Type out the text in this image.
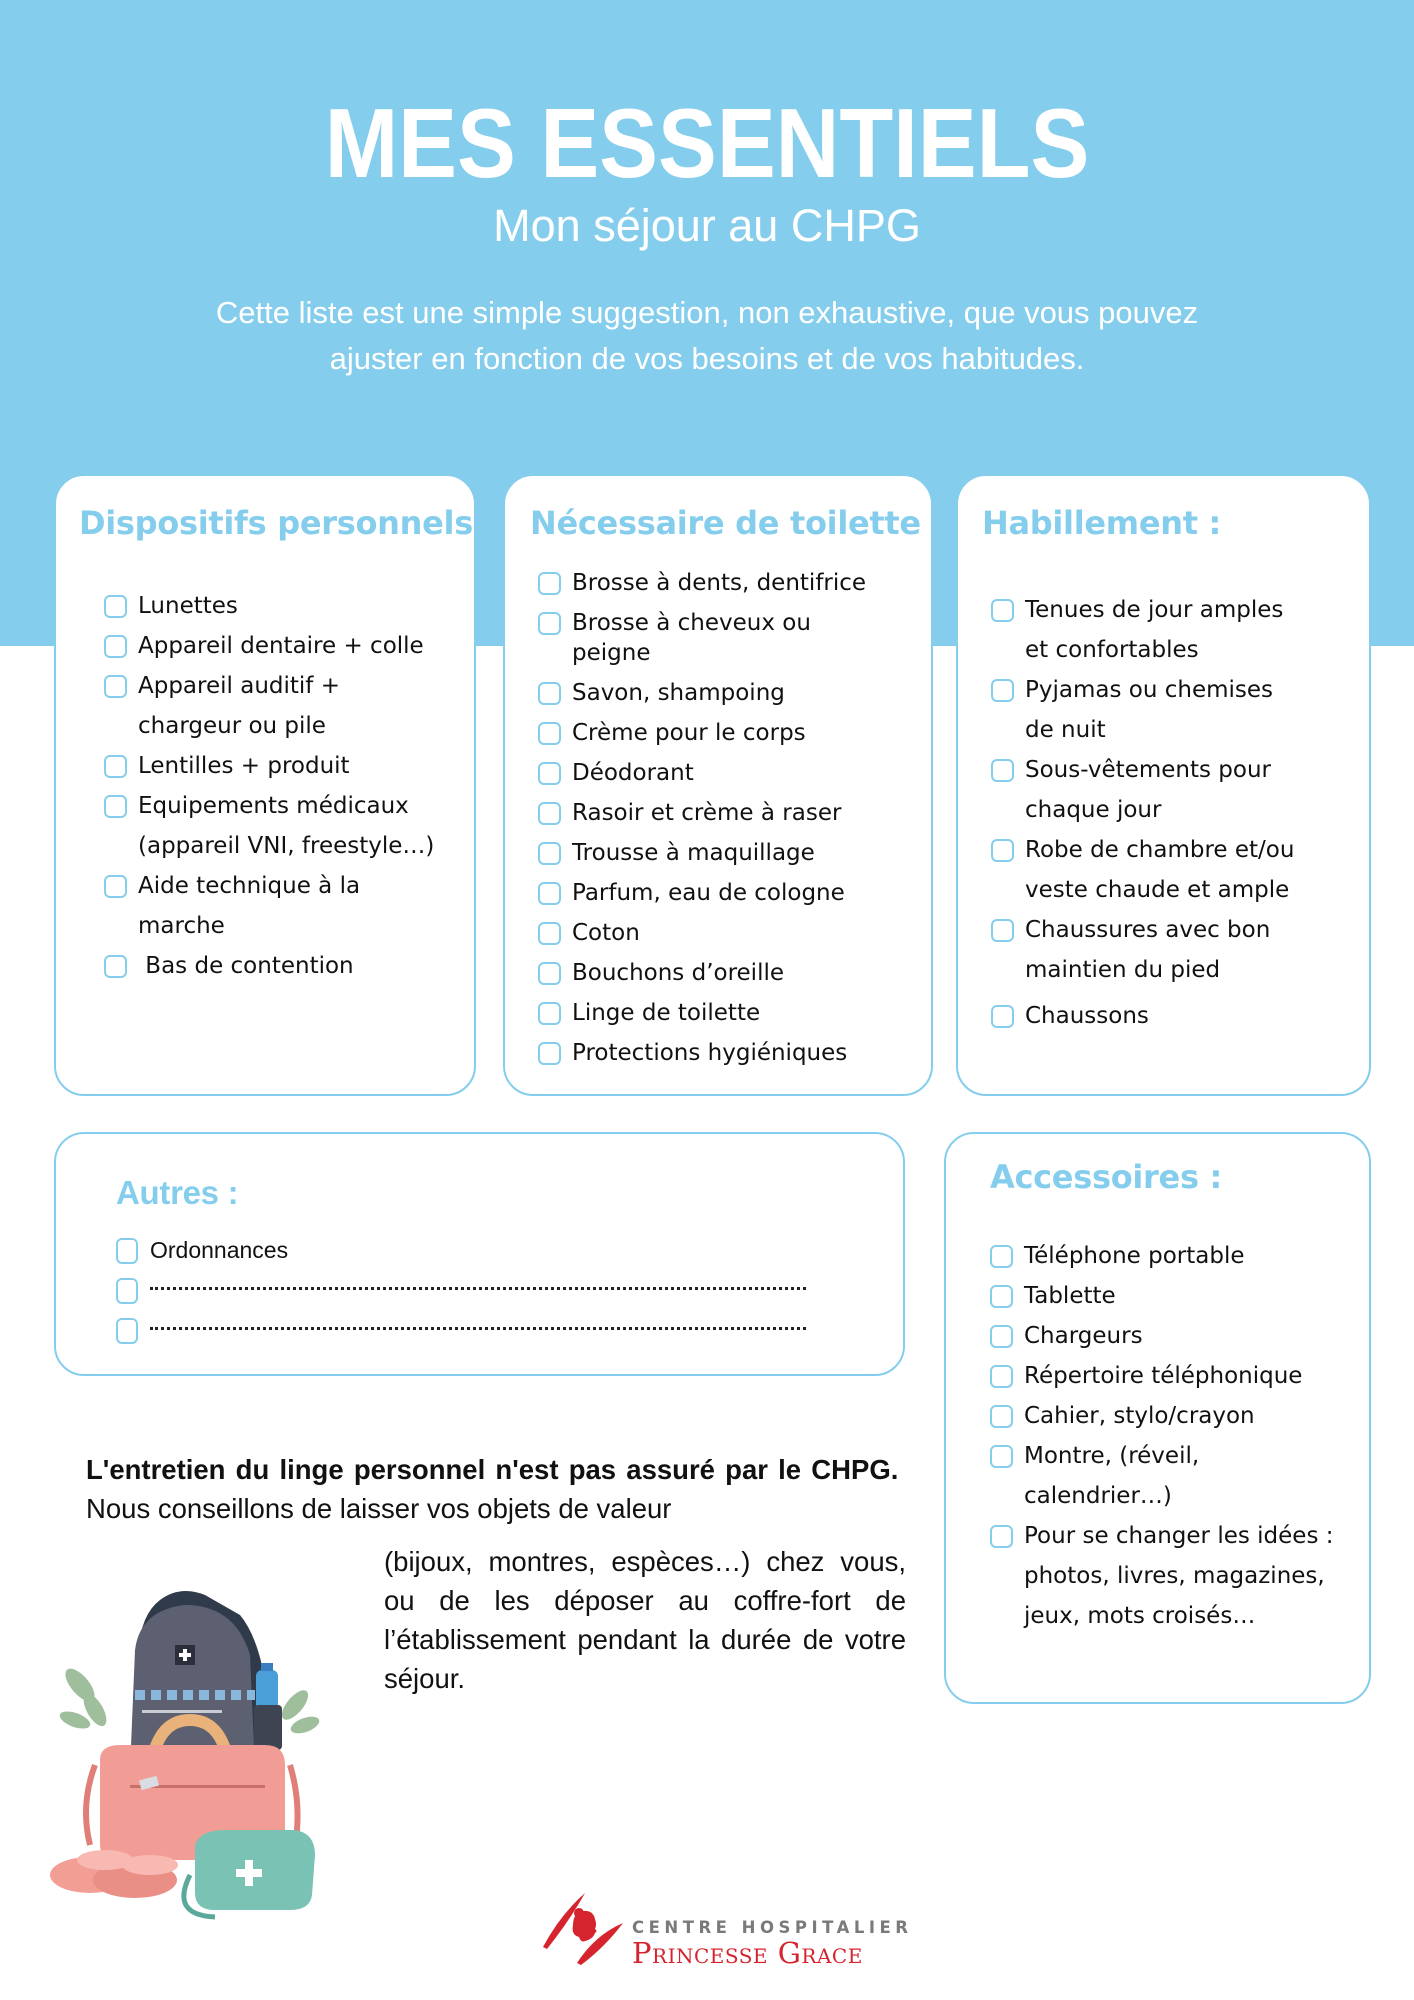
MES ESSENTIELS
Mon séjour au CHPG
Cette liste est une simple suggestion, non exhaustive, que vous pouvez
ajuster en fonction de vos besoins et de vos habitudes.
Dispositifs personnels :
Lunettes
Appareil dentaire + colle
Appareil auditif +
chargeur ou pile
Lentilles + produit
Equipements médicaux
(appareil VNI, freestyle…)
Aide technique à la
marche
Bas de contention
Nécessaire de toilette :
Brosse à dents, dentifrice
Brosse à cheveux ou
peigne
Savon, shampoing
Crème pour le corps
Déodorant
Rasoir et crème à raser
Trousse à maquillage
Parfum, eau de cologne
Coton
Bouchons d’oreille
Linge de toilette
Protections hygiéniques
Habillement :
Tenues de jour amples
et confortables
Pyjamas ou chemises
de nuit
Sous-vêtements pour
chaque jour
Robe de chambre et/ou
veste chaude et ample
Chaussures avec bon
maintien du pied
Chaussons
Autres :
Ordonnances
Accessoires :
Téléphone portable
Tablette
Chargeurs
Répertoire téléphonique
Cahier, stylo/crayon
Montre, (réveil,
calendrier…)
Pour se changer les idées :
photos, livres, magazines,
jeux, mots croisés…

L'entretien du linge personnel n'est pas assuré par le CHPG.  Nous conseillons de laisser vos objets de valeur

(bijoux, montres, espèces…) chez vous, ou de les déposer au coffre-fort de l’établissement pendant la durée de votre séjour.

CENTRE HOSPITALIER
Princesse Grace
